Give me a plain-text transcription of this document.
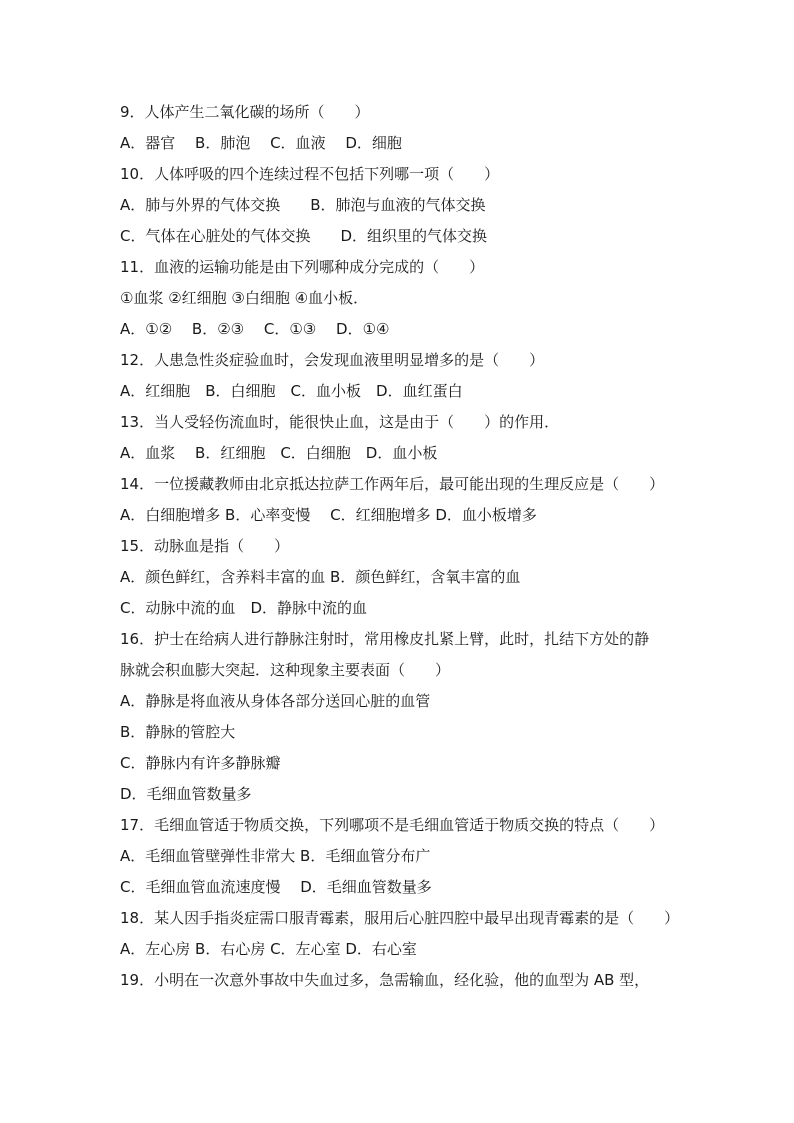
9．人体产生二氧化碳的场所（　　）
A．器官　 B．肺泡　 C．血液　 D．细胞
10．人体呼吸的四个连续过程不包括下列哪一项（　　）
A．肺与外界的气体交换　　B．肺泡与血液的气体交换
C．气体在心脏处的气体交换　　D．组织里的气体交换
11．血液的运输功能是由下列哪种成分完成的（　　）
①血浆 ②红细胞 ③白细胞 ④血小板．
A．①②　 B．②③　 C．①③　 D．①④
12．人患急性炎症验血时，会发现血液里明显增多的是（　　）
A．红细胞　B．白细胞　C．血小板　D．血红蛋白
13．当人受轻伤流血时，能很快止血，这是由于（　　）的作用．
A．血浆　 B．红细胞　C．白细胞　D．血小板
14．一位援藏教师由北京抵达拉萨工作两年后，最可能出现的生理反应是（　　）
A．白细胞增多 B．心率变慢　 C．红细胞增多 D．血小板增多
15．动脉血是指（　　）
A．颜色鲜红，含养料丰富的血 B．颜色鲜红，含氧丰富的血
C．动脉中流的血　D．静脉中流的血
16．护士在给病人进行静脉注射时，常用橡皮扎紧上臂，此时，扎结下方处的静
脉就会积血膨大突起．这种现象主要表面（　　）
A．静脉是将血液从身体各部分送回心脏的血管
B．静脉的管腔大
C．静脉内有许多静脉瓣
D．毛细血管数量多
17．毛细血管适于物质交换，下列哪项不是毛细血管适于物质交换的特点（　　）
A．毛细血管壁弹性非常大 B．毛细血管分布广
C．毛细血管血流速度慢　 D．毛细血管数量多
18．某人因手指炎症需口服青霉素，服用后心脏四腔中最早出现青霉素的是（　　）
A．左心房 B．右心房 C．左心室 D．右心室
19．小明在一次意外事故中失血过多，急需输血，经化验，他的血型为 AB 型，
